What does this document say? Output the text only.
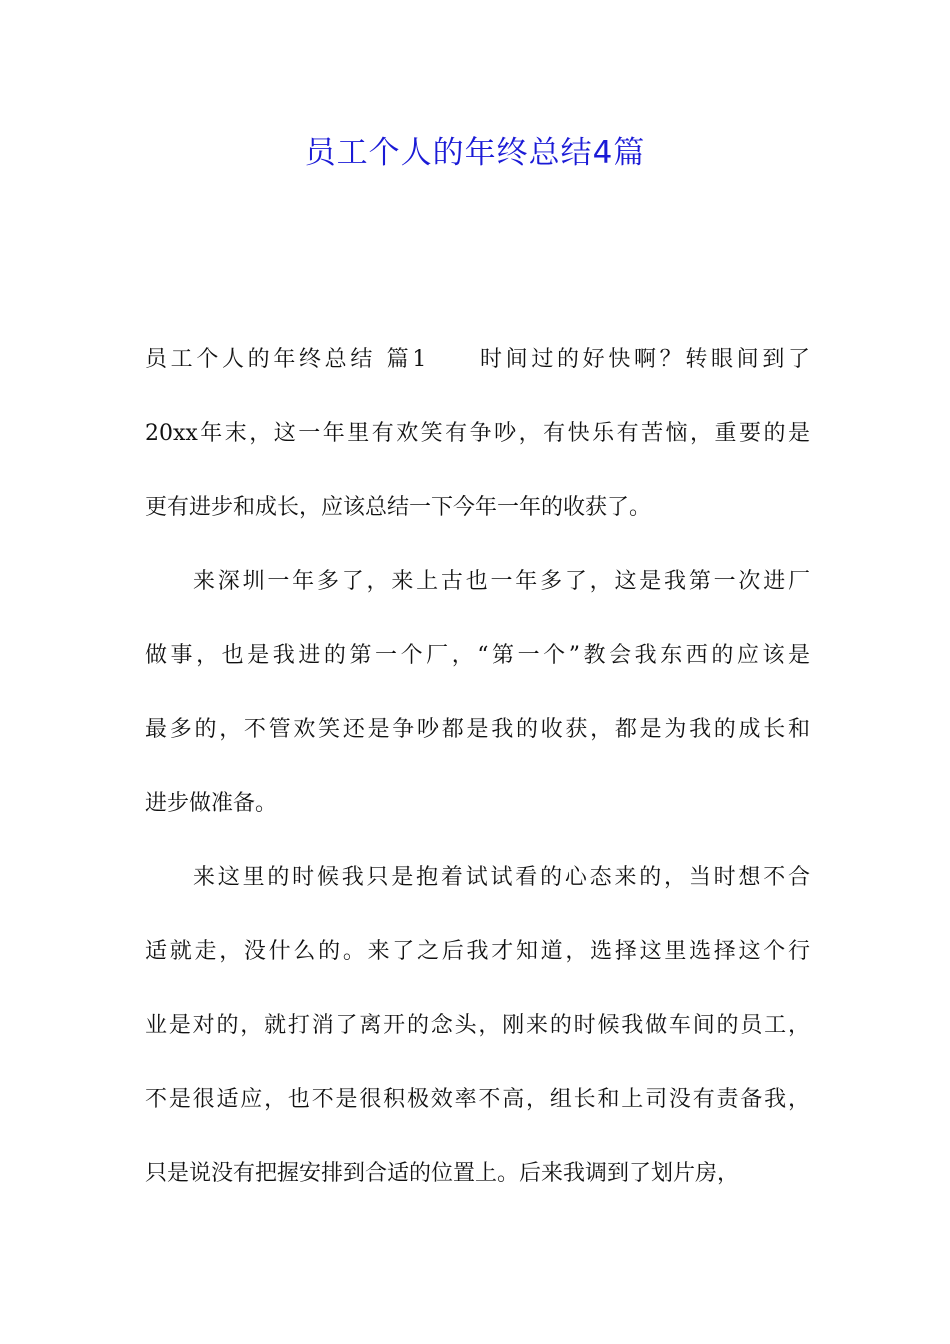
员工个人的年终总结4篇
员工个人的年终总结 篇1 时间过的好快啊？转眼间到了
20xx年末，这一年里有欢笑有争吵，有快乐有苦恼，重要的是
更有进步和成长，应该总结一下今年一年的收获了。
来深圳一年多了，来上古也一年多了，这是我第一次进厂
做事，也是我进的第一个厂，“第一个”教会我东西的应该是
最多的，不管欢笑还是争吵都是我的收获，都是为我的成长和
进步做准备。
来这里的时候我只是抱着试试看的心态来的，当时想不合
适就走，没什么的。来了之后我才知道，选择这里选择这个行
业是对的，就打消了离开的念头，刚来的时候我做车间的员工，
不是很适应，也不是很积极效率不高，组长和上司没有责备我，
只是说没有把握安排到合适的位置上。后来我调到了划片房，
